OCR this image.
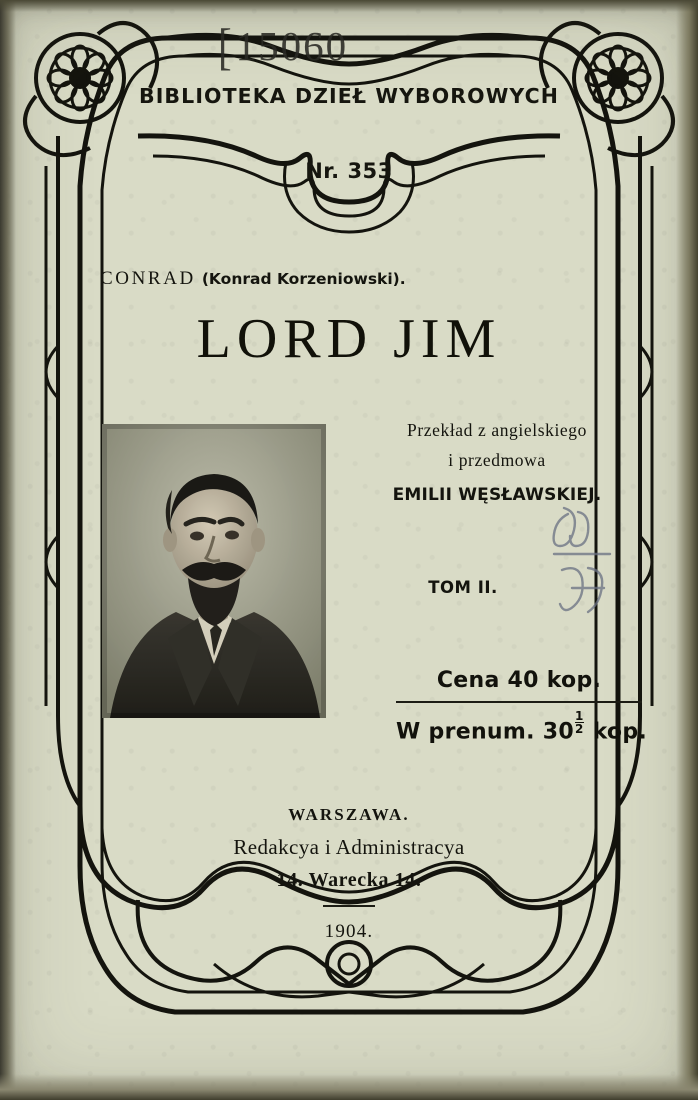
[15060
BIBLIOTEKA DZIEŁ WYBOROWYCH
Nr. 353
CONRAD (Konrad Korzeniowski).
LORD JIM
Przekład z angielskiego
i przedmowa
EMILII WĘSŁAWSKIEJ.
TOM II.
Cena 40 kop.
W prenum. $30 \frac{1}{2}$ kop.
WARSZAWA.
Redakcya i Administracya
14. Warecka 14.
1904.
